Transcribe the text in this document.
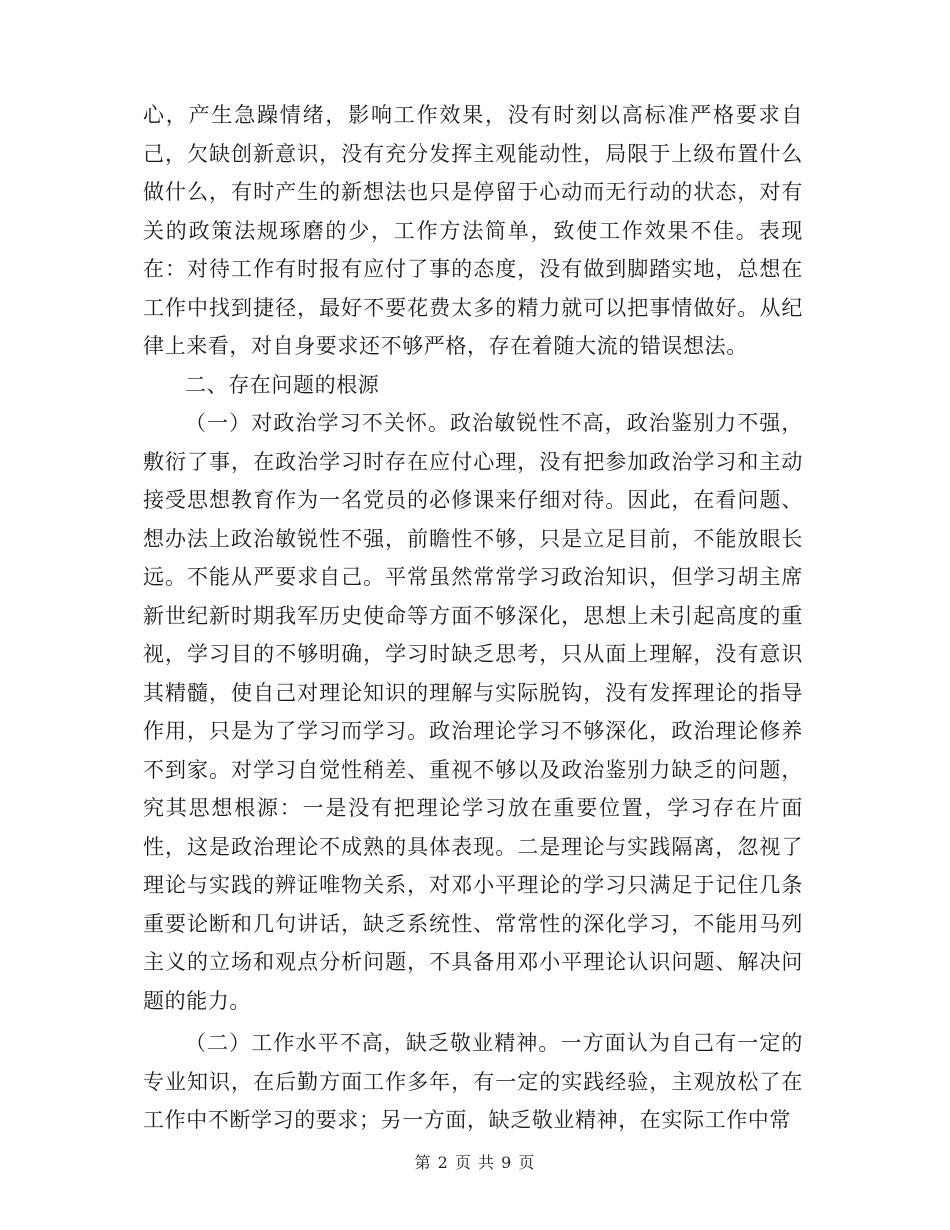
心，产生急躁情绪，影响工作效果，没有时刻以高标准严格要求自己，欠缺创新意识，没有充分发挥主观能动性，局限于上级布置什么做什么，有时产生的新想法也只是停留于心动而无行动的状态，对有关的政策法规琢磨的少，工作方法简单，致使工作效果不佳。表现在：对待工作有时报有应付了事的态度，没有做到脚踏实地，总想在工作中找到捷径，最好不要花费太多的精力就可以把事情做好。从纪律上来看，对自身要求还不够严格，存在着随大流的错误想法。

二、存在问题的根源

（一）对政治学习不关怀。政治敏锐性不高，政治鉴别力不强，敷衍了事，在政治学习时存在应付心理，没有把参加政治学习和主动接受思想教育作为一名党员的必修课来仔细对待。因此，在看问题、想办法上政治敏锐性不强，前瞻性不够，只是立足目前，不能放眼长远。不能从严要求自己。平常虽然常常学习政治知识，但学习胡主席新世纪新时期我军历史使命等方面不够深化，思想上未引起高度的重视，学习目的不够明确，学习时缺乏思考，只从面上理解，没有意识其精髓，使自己对理论知识的理解与实际脱钩，没有发挥理论的指导作用，只是为了学习而学习。政治理论学习不够深化，政治理论修养不到家。对学习自觉性稍差、重视不够以及政治鉴别力缺乏的问题，究其思想根源：一是没有把理论学习放在重要位置，学习存在片面性，这是政治理论不成熟的具体表现。二是理论与实践隔离，忽视了理论与实践的辨证唯物关系，对邓小平理论的学习只满足于记住几条重要论断和几句讲话，缺乏系统性、常常性的深化学习，不能用马列主义的立场和观点分析问题，不具备用邓小平理论认识问题、解决问题的能力。

（二）工作水平不高，缺乏敬业精神。一方面认为自己有一定的专业知识，在后勤方面工作多年，有一定的实践经验，主观放松了在工作中不断学习的要求；另一方面，缺乏敬业精神，在实际工作中常

第 2 页 共 9 页
